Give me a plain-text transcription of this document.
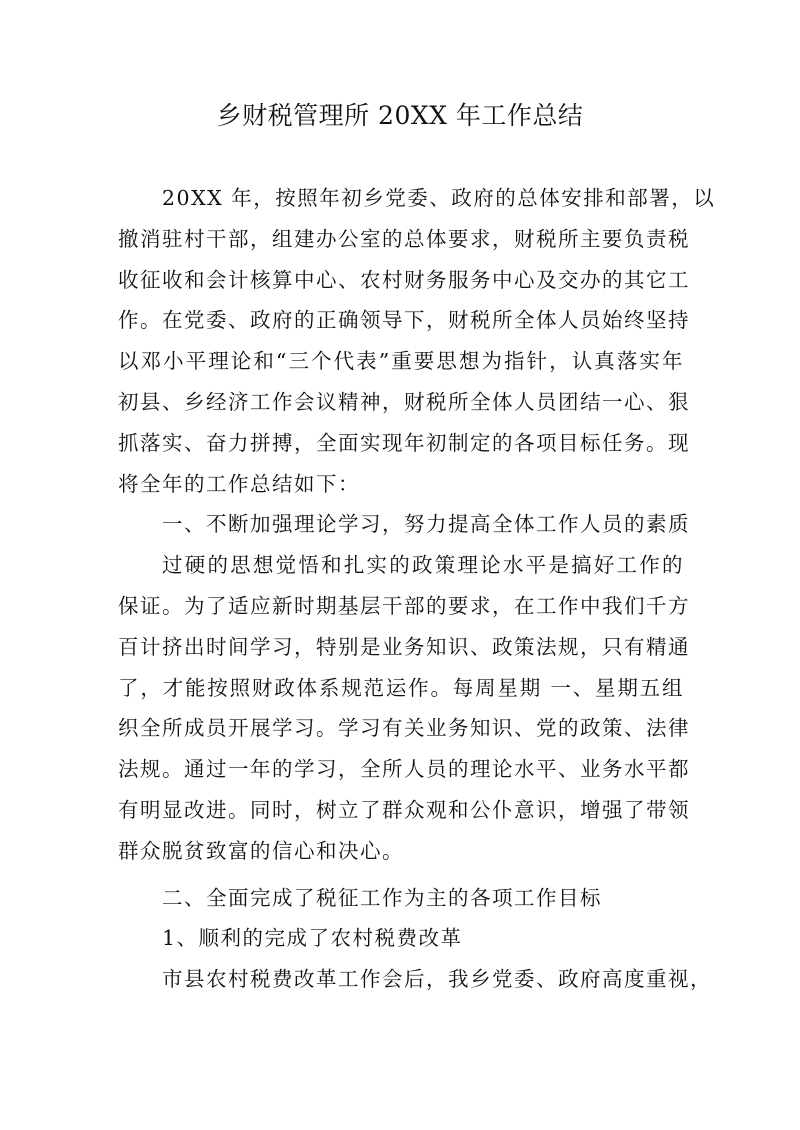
乡财税管理所 20XX 年工作总结
20XX 年，按照年初乡党委、政府的总体安排和部署，以
撤消驻村干部，组建办公室的总体要求，财税所主要负责税
收征收和会计核算中心、农村财务服务中心及交办的其它工
作。在党委、政府的正确领导下，财税所全体人员始终坚持
以邓小平理论和“三个代表”重要思想为指针，认真落实年
初县、乡经济工作会议精神，财税所全体人员团结一心、狠
抓落实、奋力拼搏，全面实现年初制定的各项目标任务。现
将全年的工作总结如下：
一、不断加强理论学习，努力提高全体工作人员的素质
过硬的思想觉悟和扎实的政策理论水平是搞好工作的
保证。为了适应新时期基层干部的要求，在工作中我们千方
百计挤出时间学习，特别是业务知识、政策法规，只有精通
了，才能按照财政体系规范运作。每周星期 一、星期五组
织全所成员开展学习。学习有关业务知识、党的政策、法律
法规。通过一年的学习，全所人员的理论水平、业务水平都
有明显改进。同时，树立了群众观和公仆意识，增强了带领
群众脱贫致富的信心和决心。
二、全面完成了税征工作为主的各项工作目标
1、顺利的完成了农村税费改革
市县农村税费改革工作会后，我乡党委、政府高度重视，
